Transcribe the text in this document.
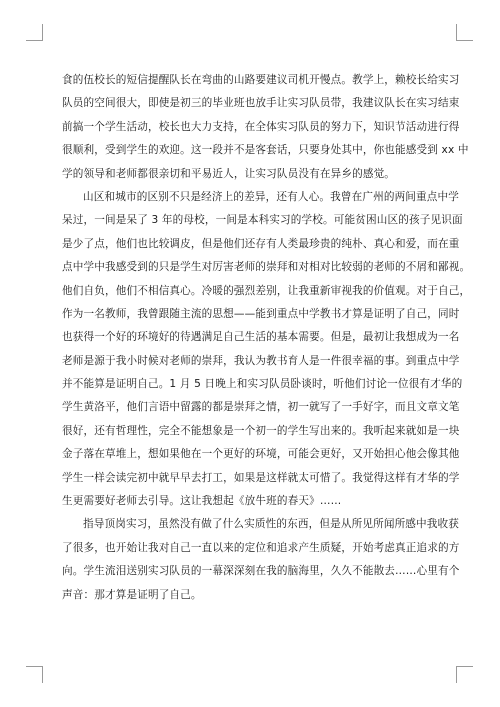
食的伍校长的短信提醒队长在弯曲的山路要建议司机开慢点。教学上，赖校长给实习
队员的空间很大，即使是初三的毕业班也放手让实习队员带，我建议队长在实习结束
前搞一个学生活动，校长也大力支持，在全体实习队员的努力下，知识节活动进行得
很顺利，受到学生的欢迎。这一段并不是客套话，只要身处其中，你也能感受到 xx 中
学的领导和老师都很亲切和平易近人，让实习队员没有在异乡的感觉。
山区和城市的区别不只是经济上的差异，还有人心。我曾在广州的两间重点中学
呆过，一间是呆了 3 年的母校，一间是本科实习的学校。可能贫困山区的孩子见识面
是少了点，他们也比较调皮，但是他们还存有人类最珍贵的纯朴、真心和爱，而在重
点中学中我感受到的只是学生对厉害老师的崇拜和对相对比较弱的老师的不屑和鄙视。
他们自负，他们不相信真心。冷暖的强烈差别，让我重新审视我的价值观。对于自己，
作为一名教师，我曾跟随主流的思想——能到重点中学教书才算是证明了自己，同时
也获得一个好的环境好的待遇满足自己生活的基本需要。但是，最初让我想成为一名
老师是源于我小时候对老师的崇拜，我认为教书育人是一件很幸福的事。到重点中学
并不能算是证明自己。1 月 5 日晚上和实习队员卧谈时，听他们讨论一位很有才华的
学生黄洛平，他们言语中留露的都是崇拜之情，初一就写了一手好字，而且文章文笔
很好，还有哲理性，完全不能想象是一个初一的学生写出来的。我听起来就如是一块
金子落在草堆上，想如果他在一个更好的环境，可能会更好，又开始担心他会像其他
学生一样会读完初中就早早去打工，如果是这样就太可惜了。我觉得这样有才华的学
生更需要好老师去引导。这让我想起《放牛班的春天》……
指导顶岗实习，虽然没有做了什么实质性的东西，但是从所见所闻所感中我收获
了很多，也开始让我对自己一直以来的定位和追求产生质疑，开始考虑真正追求的方
向。学生流泪送别实习队员的一幕深深刻在我的脑海里，久久不能散去……心里有个
声音：那才算是证明了自己。
